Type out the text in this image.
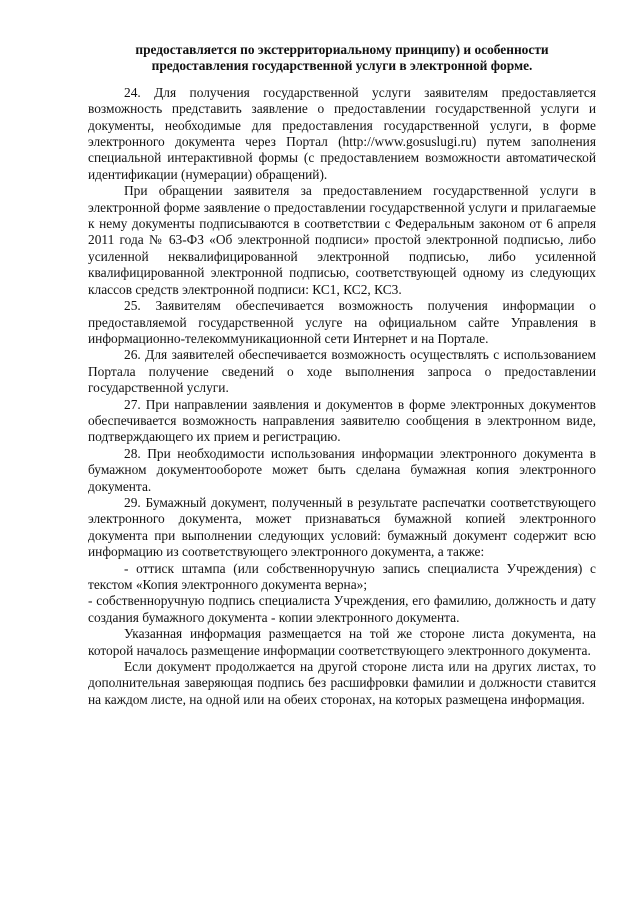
предоставляется по экстерриториальному принципу) и особенности
предоставления государственной услуги в электронной форме.

24. Для получения государственной услуги заявителям предоставляется возможность представить заявление о предоставлении государственной услуги и документы, необходимые для предоставления государственной услуги, в форме электронного документа через Портал (http://www.gosuslugi.ru) путем заполнения специальной интерактивной формы (с предоставлением возможности автоматической идентификации (нумерации) обращений).

При обращении заявителя за предоставлением государственной услуги в электронной форме заявление о предоставлении государственной услуги и прилагаемые к нему документы подписываются в соответствии с Федеральным законом от 6 апреля 2011 года № 63-ФЗ «Об электронной подписи» простой электронной подписью, либо усиленной неквалифицированной электронной подписью, либо усиленной квалифицированной электронной подписью, соответствующей одному из следующих классов средств электронной подписи: КС1, КС2, КС3.

25. Заявителям обеспечивается возможность получения информации о предоставляемой государственной услуге на официальном сайте Управления в информационно-телекоммуникационной сети Интернет и на Портале.

26. Для заявителей обеспечивается возможность осуществлять с использованием Портала получение сведений о ходе выполнения запроса о предоставлении государственной услуги.

27. При направлении заявления и документов в форме электронных документов обеспечивается возможность направления заявителю сообщения в электронном виде, подтверждающего их прием и регистрацию.

28. При необходимости использования информации электронного документа в бумажном документообороте может быть сделана бумажная копия электронного документа.

29. Бумажный документ, полученный в результате распечатки соответствующего электронного документа, может признаваться бумажной копией электронного документа при выполнении следующих условий: бумажный документ содержит всю информацию из соответствующего электронного документа, а также:

- оттиск штампа (или собственноручную запись специалиста Учреждения) с текстом «Копия электронного документа верна»;

- собственноручную подпись специалиста Учреждения, его фамилию, должность и дату создания бумажного документа - копии электронного документа.

Указанная информация размещается на той же стороне листа документа, на которой началось размещение информации соответствующего электронного документа.

Если документ продолжается на другой стороне листа или на других листах, то дополнительная заверяющая подпись без расшифровки фамилии и должности ставится на каждом листе, на одной или на обеих сторонах, на которых размещена информация.
